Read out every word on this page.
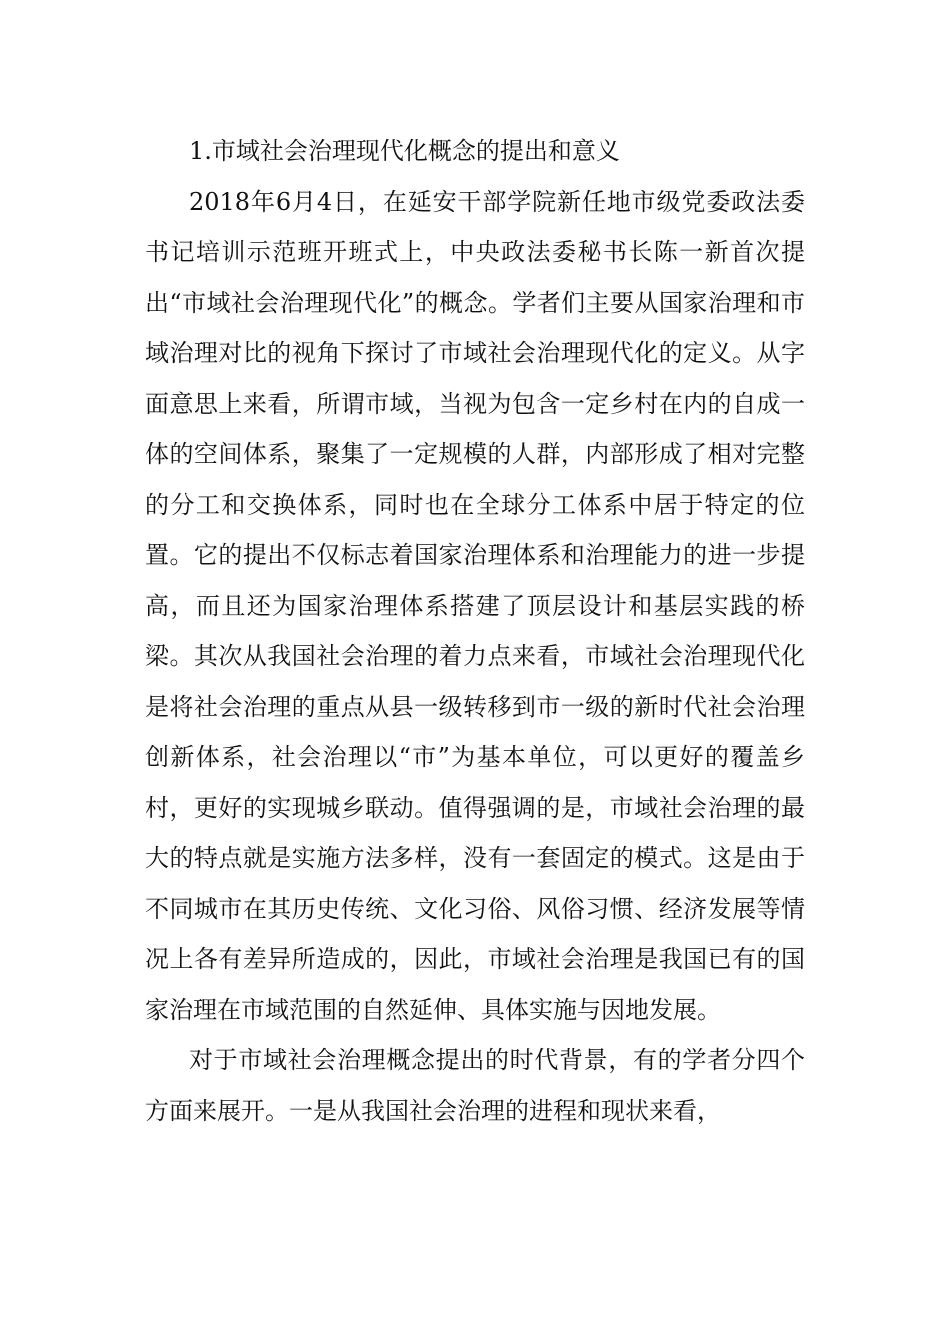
1.市域社会治理现代化概念的提出和意义

2018年6月4日，在延安干部学院新任地市级党委政法委书记培训示范班开班式上，中央政法委秘书长陈一新首次提出“市域社会治理现代化”的概念。学者们主要从国家治理和市域治理对比的视角下探讨了市域社会治理现代化的定义。从字面意思上来看，所谓市域，当视为包含一定乡村在内的自成一体的空间体系，聚集了一定规模的人群，内部形成了相对完整的分工和交换体系，同时也在全球分工体系中居于特定的位置。它的提出不仅标志着国家治理体系和治理能力的进一步提高，而且还为国家治理体系搭建了顶层设计和基层实践的桥梁。其次从我国社会治理的着力点来看，市域社会治理现代化是将社会治理的重点从县一级转移到市一级的新时代社会治理创新体系，社会治理以“市”为基本单位，可以更好的覆盖乡村，更好的实现城乡联动。值得强调的是，市域社会治理的最大的特点就是实施方法多样，没有一套固定的模式。这是由于不同城市在其历史传统、文化习俗、风俗习惯、经济发展等情况上各有差异所造成的，因此，市域社会治理是我国已有的国家治理在市域范围的自然延伸、具体实施与因地发展。

对于市域社会治理概念提出的时代背景，有的学者分四个方面来展开。一是从我国社会治理的进程和现状来看，
